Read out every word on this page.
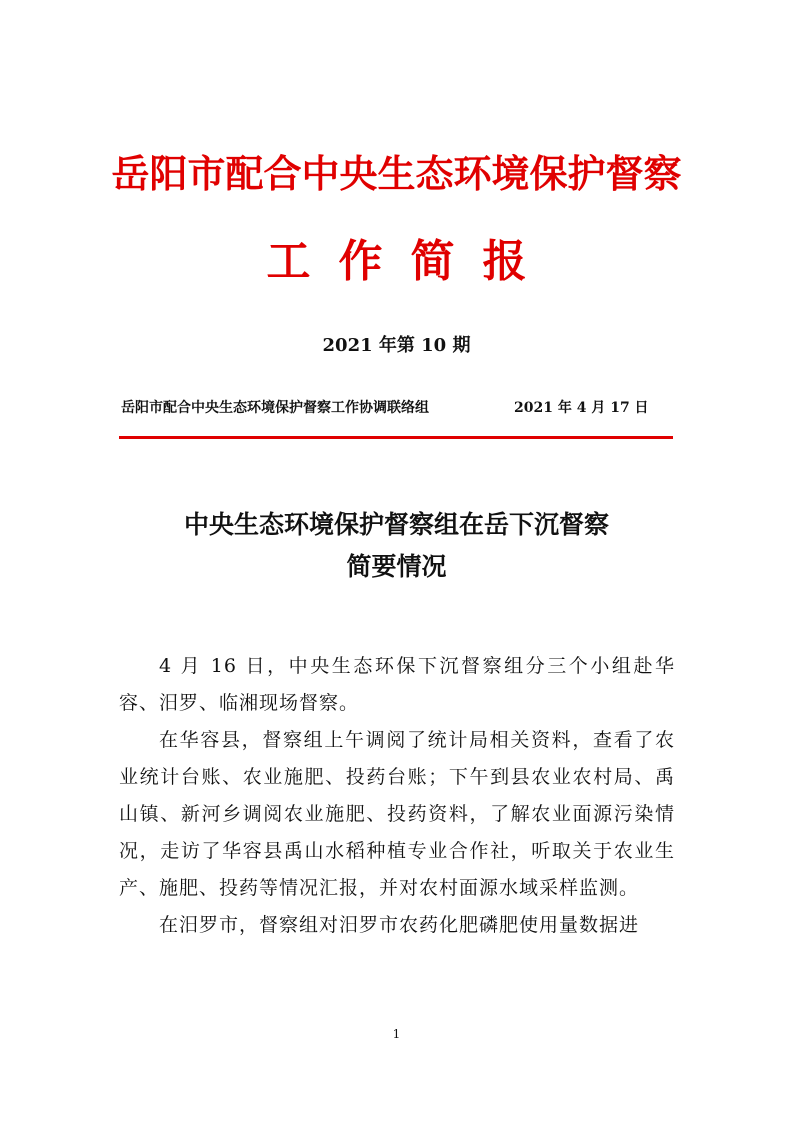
岳阳市配合中央生态环境保护督察
工作简报
2021 年第 10 期
岳阳市配合中央生态环境保护督察工作协调联络组	2021 年 4 月 17 日
中央生态环境保护督察组在岳下沉督察
简要情况

4 月 16 日，中央生态环保下沉督察组分三个小组赴华容、汨罗、临湘现场督察。

在华容县，督察组上午调阅了统计局相关资料，查看了农业统计台账、农业施肥、投药台账；下午到县农业农村局、禹山镇、新河乡调阅农业施肥、投药资料，了解农业面源污染情况，走访了华容县禹山水稻种植专业合作社，听取关于农业生产、施肥、投药等情况汇报，并对农村面源水域采样监测。

在汨罗市，督察组对汨罗市农药化肥磷肥使用量数据进

1
